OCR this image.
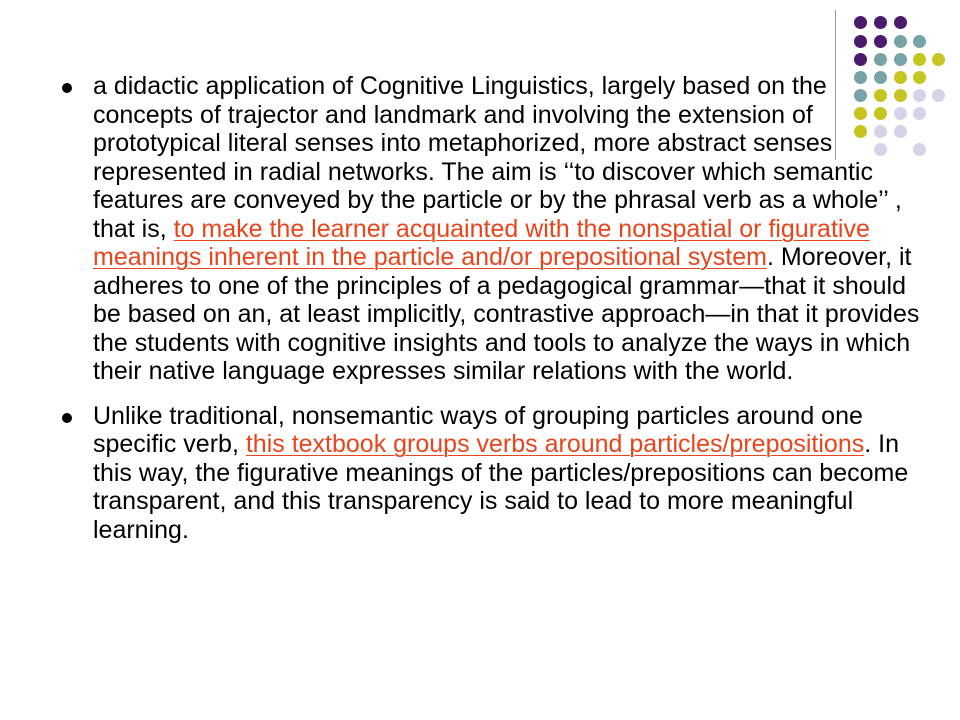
a didactic application of Cognitive Linguistics, largely based on the concepts of trajector and landmark and involving the extension of prototypical literal senses into metaphorized, more abstract senses represented in radial networks. The aim is ‘‘to discover which semantic features are conveyed by the particle or by the phrasal verb as a whole’’ , that is, to make the learner acquainted with the nonspatial or figurative meanings inherent in the particle and/or prepositional system. Moreover, it adheres to one of the principles of a pedagogical grammar—that it should be based on an, at least implicitly, contrastive approach—in that it provides the students with cognitive insights and tools to analyze the ways in which their native language expresses similar relations with the world.
Unlike traditional, nonsemantic ways of grouping particles around one specific verb, this textbook groups verbs around particles/prepositions. In this way, the figurative meanings of the particles/prepositions can become transparent, and this transparency is said to lead to more meaningful learning.
